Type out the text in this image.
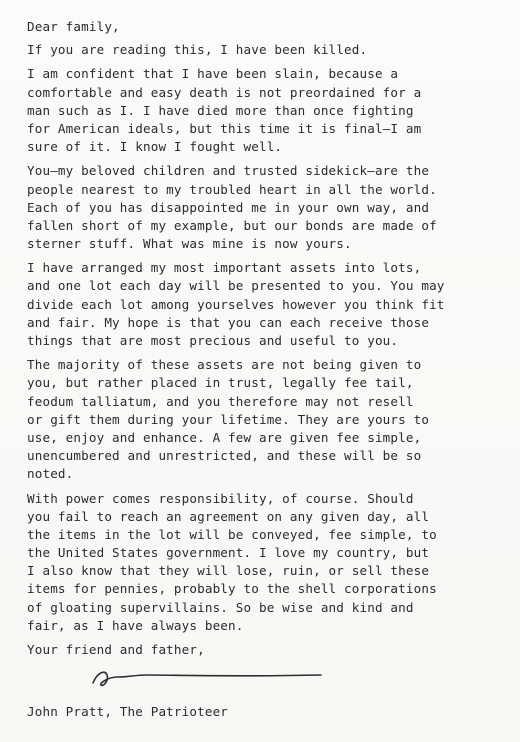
Dear family,
If you are reading this, I have been killed.
I am confident that I have been slain, because a
comfortable and easy death is not preordained for a
man such as I. I have died more than once fighting
for American ideals, but this time it is final—I am
sure of it. I know I fought well.
You—my beloved children and trusted sidekick—are the
people nearest to my troubled heart in all the world.
Each of you has disappointed me in your own way, and
fallen short of my example, but our bonds are made of
sterner stuff. What was mine is now yours.
I have arranged my most important assets into lots,
and one lot each day will be presented to you. You may
divide each lot among yourselves however you think fit
and fair. My hope is that you can each receive those
things that are most precious and useful to you.
The majority of these assets are not being given to
you, but rather placed in trust, legally fee tail,
feodum talliatum, and you therefore may not resell
or gift them during your lifetime. They are yours to
use, enjoy and enhance. A few are given fee simple,
unencumbered and unrestricted, and these will be so
noted.
With power comes responsibility, of course. Should
you fail to reach an agreement on any given day, all
the items in the lot will be conveyed, fee simple, to
the United States government. I love my country, but
I also know that they will lose, ruin, or sell these
items for pennies, probably to the shell corporations
of gloating supervillains. So be wise and kind and
fair, as I have always been.
Your friend and father,
John Pratt, The Patrioteer
